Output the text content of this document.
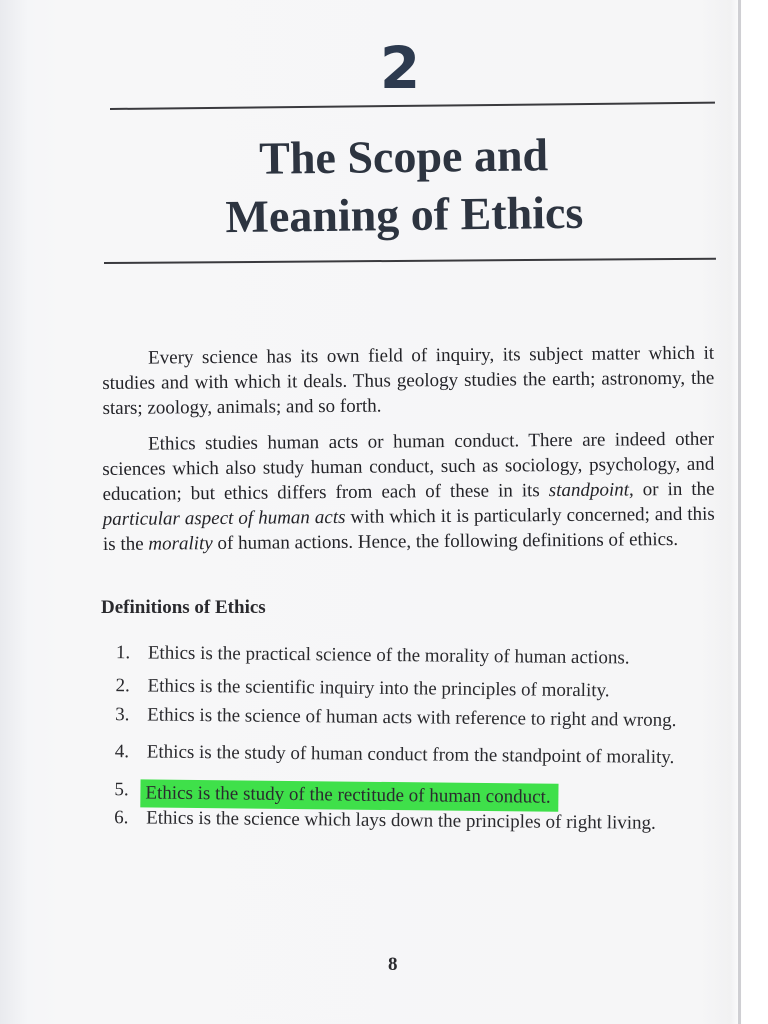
2
The Scope and
Meaning of Ethics

Every science has its own field of inquiry, its subject matter which it studies and with which it deals. Thus geology studies the earth; astronomy, the stars; zoology, animals; and so forth.

Ethics studies human acts or human conduct. There are indeed other sciences which also study human conduct, such as sociology, psychology, and education; but ethics differs from each of these in its standpoint, or in the particular aspect of human acts with which it is particularly concerned; and this is the morality of human actions. Hence, the following definitions of ethics.

Definitions of Ethics
1. Ethics is the practical science of the morality of human actions.
2. Ethics is the scientific inquiry into the principles of morality.
3. Ethics is the science of human acts with reference to right and wrong.
4. Ethics is the study of human conduct from the standpoint of morality.
5. Ethics is the study of the rectitude of human conduct.
6. Ethics is the science which lays down the principles of right living.
8
